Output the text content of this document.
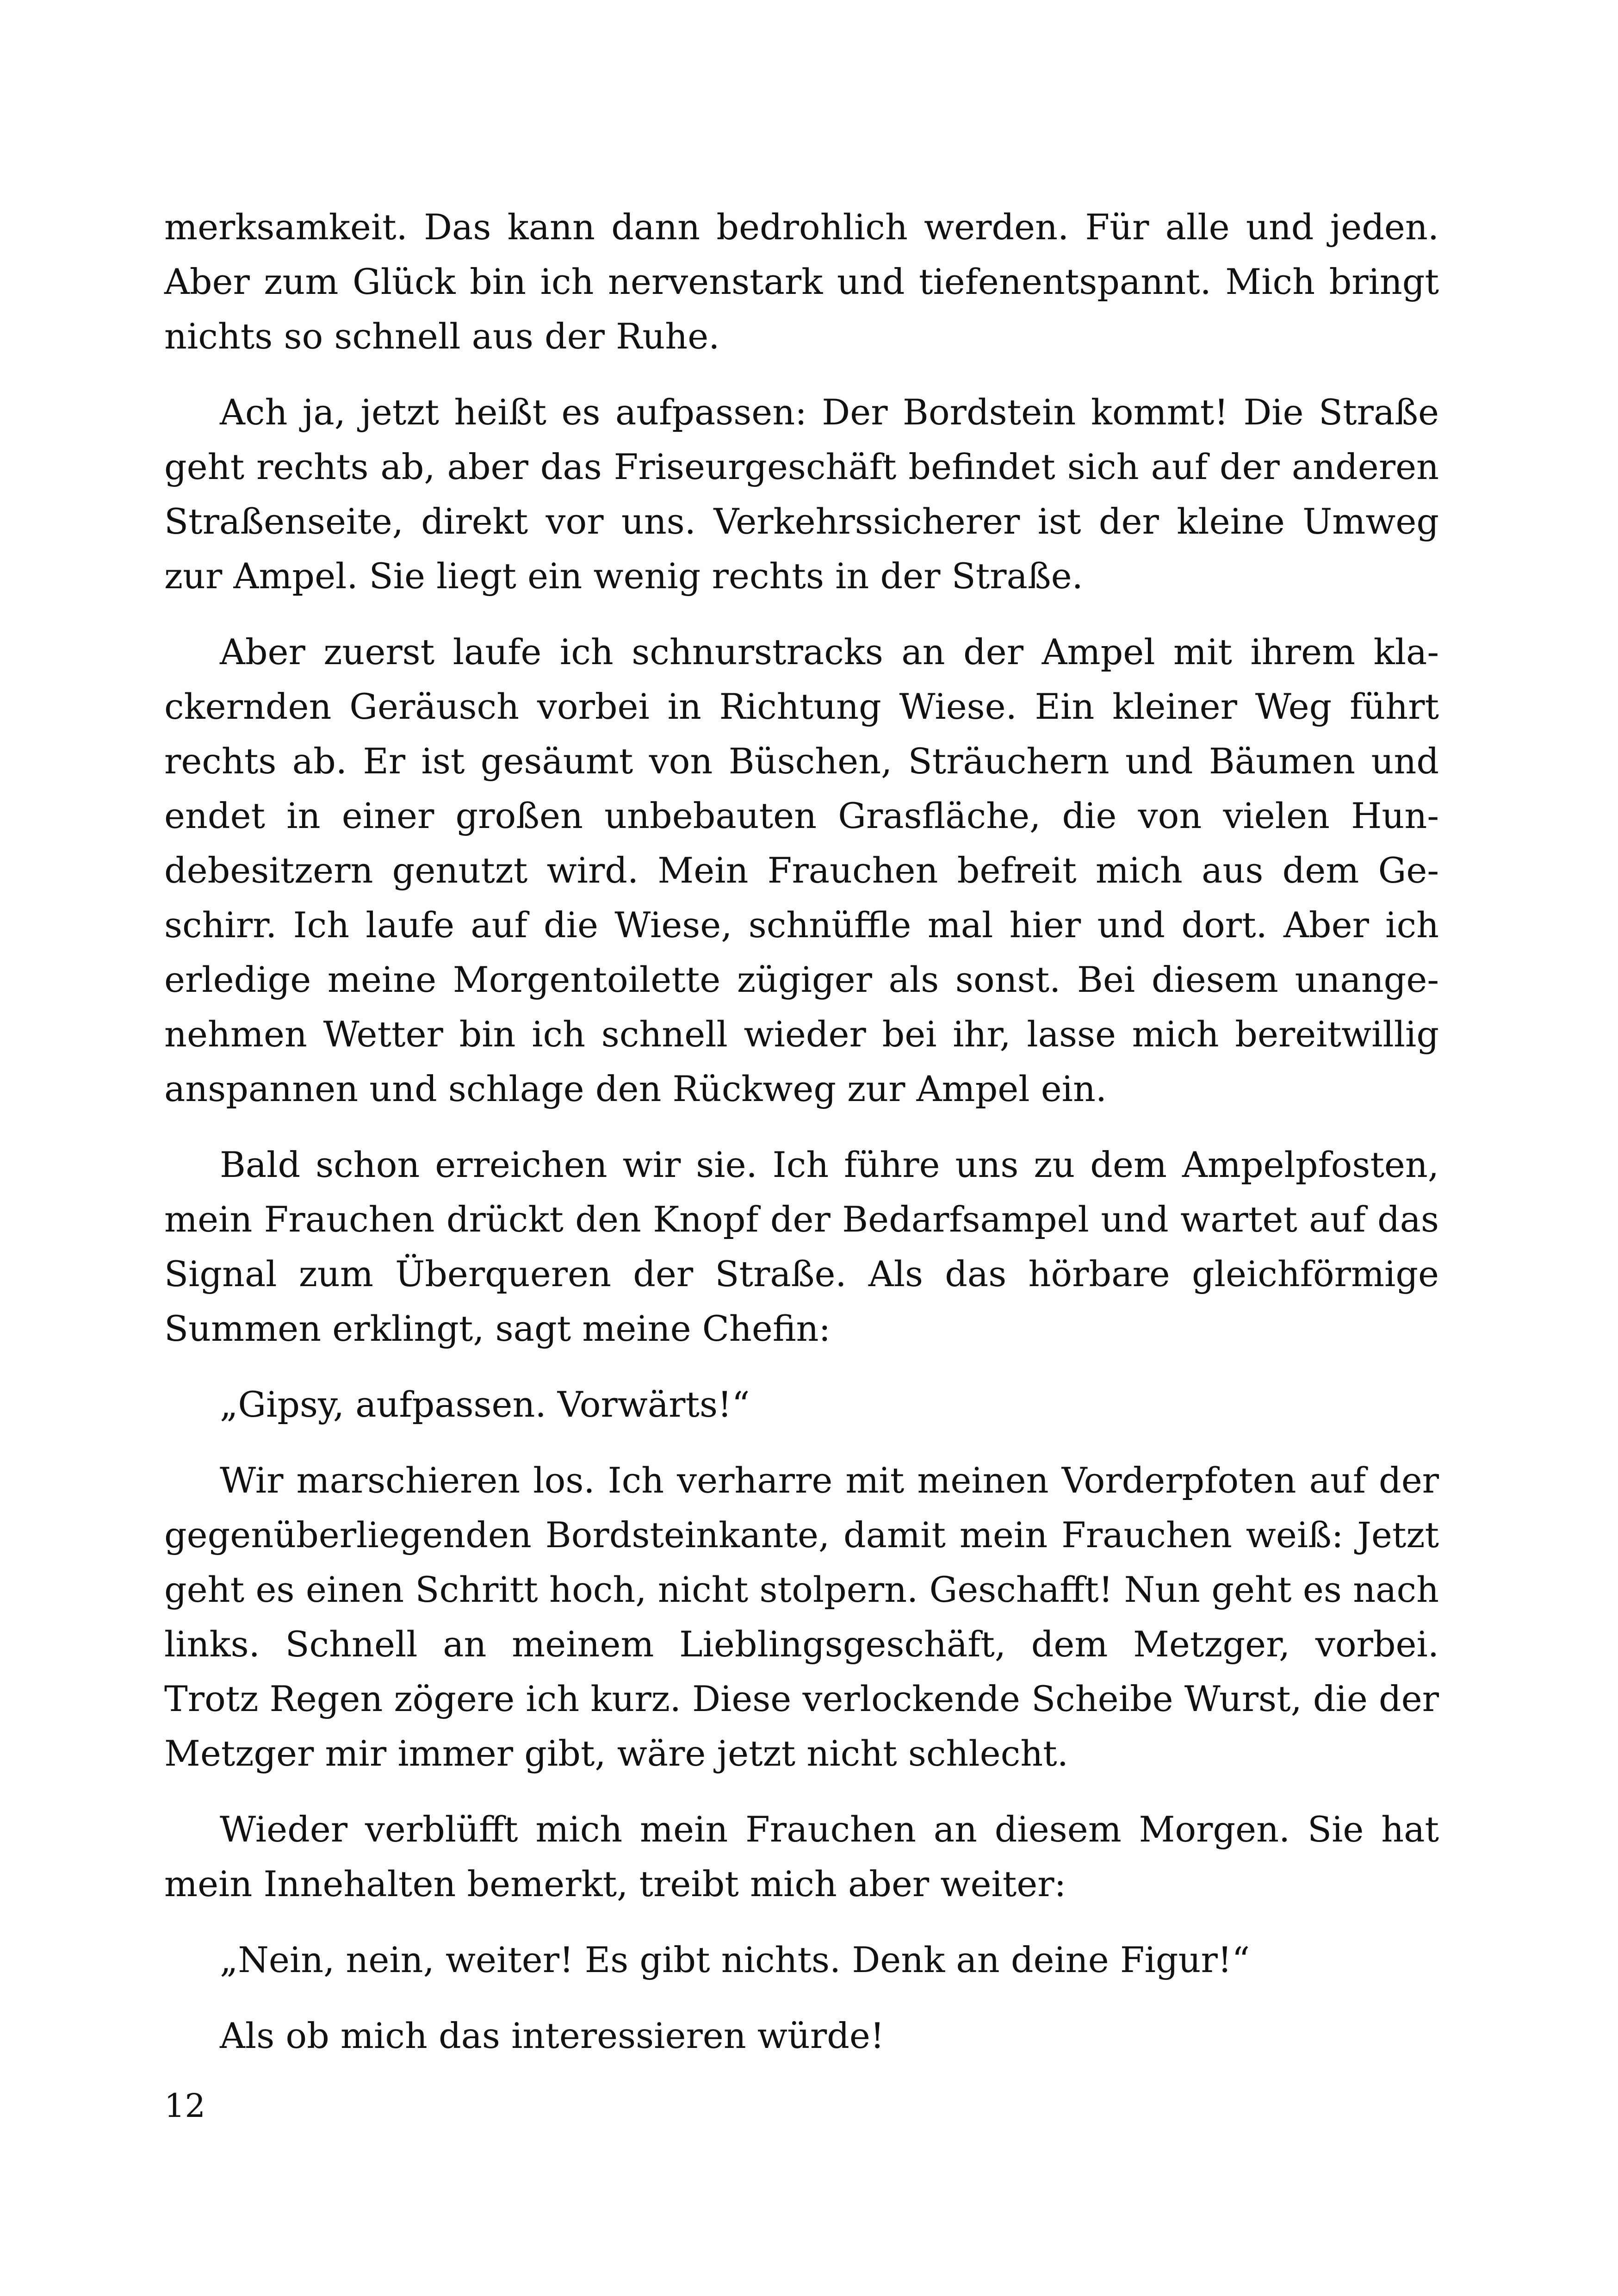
merksamkeit. Das kann dann bedrohlich werden. Für alle und jeden. Aber zum Glück bin ich nervenstark und tiefenentspannt. Mich bringt nichts so schnell aus der Ruhe.

Ach ja, jetzt heißt es aufpassen: Der Bordstein kommt! Die Straße geht rechts ab, aber das Friseurgeschäft befindet sich auf der anderen Straßenseite, direkt vor uns. Verkehrssicherer ist der kleine Umweg zur Ampel. Sie liegt ein wenig rechts in der Straße.

Aber zuerst laufe ich schnurstracks an der Ampel mit ihrem klackernden Geräusch vorbei in Richtung Wiese. Ein kleiner Weg führt rechts ab. Er ist gesäumt von Büschen, Sträuchern und Bäumen und endet in einer großen unbebauten Grasfläche, die von vielen Hundebesitzern genutzt wird. Mein Frauchen befreit mich aus dem Geschirr. Ich laufe auf die Wiese, schnüffle mal hier und dort. Aber ich erledige meine Morgentoilette zügiger als sonst. Bei diesem unangenehmen Wetter bin ich schnell wieder bei ihr, lasse mich bereitwillig anspannen und schlage den Rückweg zur Ampel ein.

Bald schon erreichen wir sie. Ich führe uns zu dem Ampelpfosten, mein Frauchen drückt den Knopf der Bedarfsampel und wartet auf das Signal zum Überqueren der Straße. Als das hörbare gleichförmige Summen erklingt, sagt meine Chefin:

„Gipsy, aufpassen. Vorwärts!“

Wir marschieren los. Ich verharre mit meinen Vorderpfoten auf der gegenüberliegenden Bordsteinkante, damit mein Frauchen weiß: Jetzt geht es einen Schritt hoch, nicht stolpern. Geschafft! Nun geht es nach links. Schnell an meinem Lieblingsgeschäft, dem Metzger, vorbei. Trotz Regen zögere ich kurz. Diese verlockende Scheibe Wurst, die der Metzger mir immer gibt, wäre jetzt nicht schlecht.

Wieder verblüfft mich mein Frauchen an diesem Morgen. Sie hat mein Innehalten bemerkt, treibt mich aber weiter:

„Nein, nein, weiter! Es gibt nichts. Denk an deine Figur!“

Als ob mich das interessieren würde!

12
